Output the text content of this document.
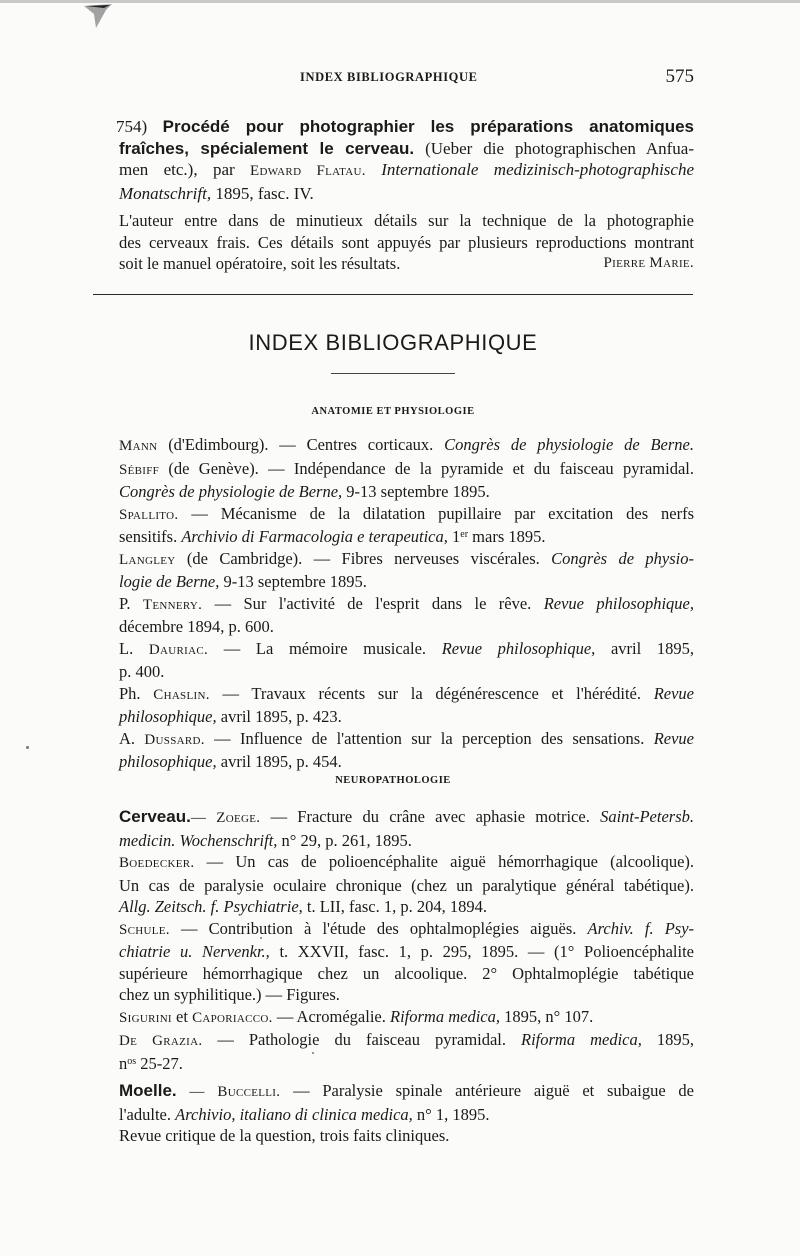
INDEX BIBLIOGRAPHIQUE	575
754) Procédé pour photographier les préparations anatomiques
fraîches, spécialement le cerveau. (Ueber die photographischen Anfua-
men etc.), par Edward Flatau. Internationale medizinisch-photographische
Monatschrift, 1895, fasc. IV.
L'auteur entre dans de minutieux détails sur la technique de la photographie
des cerveaux frais. Ces détails sont appuyés par plusieurs reproductions montrant
soit le manuel opératoire, soit les résultats.	Pierre Marie.
INDEX BIBLIOGRAPHIQUE
ANATOMIE ET PHYSIOLOGIE
Mann (d'Edimbourg). — Centres corticaux. Congrès de physiologie de Berne.
Sébiff (de Genève). — Indépendance de la pyramide et du faisceau pyramidal.
Congrès de physiologie de Berne, 9-13 septembre 1895.
Spallito. — Mécanisme de la dilatation pupillaire par excitation des nerfs
sensitifs. Archivio di Farmacologia e terapeutica, 1er mars 1895.
Langley (de Cambridge). — Fibres nerveuses viscérales. Congrès de physio-
logie de Berne, 9-13 septembre 1895.
P. Tennery. — Sur l'activité de l'esprit dans le rêve. Revue philosophique,
décembre 1894, p. 600.
L. Dauriac. — La mémoire musicale. Revue philosophique, avril 1895,
p. 400.
Ph. Chaslin. — Travaux récents sur la dégénérescence et l'hérédité. Revue
philosophique, avril 1895, p. 423.
A. Dussard. — Influence de l'attention sur la perception des sensations. Revue
philosophique, avril 1895, p. 454.
NEUROPATHOLOGIE
Cerveau.— Zoege. — Fracture du crâne avec aphasie motrice. Saint-Petersb.
medicin. Wochenschrift, n° 29, p. 261, 1895.
Boedecker. — Un cas de polioencéphalite aiguë hémorrhagique (alcoolique).
Un cas de paralysie oculaire chronique (chez un paralytique général tabétique).
Allg. Zeitsch. f. Psychiatrie, t. LII, fasc. 1, p. 204, 1894.
Schule. — Contribution à l'étude des ophtalmoplégies aiguës. Archiv. f. Psy-
chiatrie u. Nervenkr., t. XXVII, fasc. 1, p. 295, 1895. — (1° Polioencéphalite
supérieure hémorrhagique chez un alcoolique. 2° Ophtalmoplégie tabétique
chez un syphilitique.) — Figures.
Sigurini et Caporiacco. — Acromégalie. Riforma medica, 1895, n° 107.
De Grazia. — Pathologie du faisceau pyramidal. Riforma medica, 1895,
$n^{os}$ 25-27.
Moelle. — Buccelli. — Paralysie spinale antérieure aiguë et subaigue de
l'adulte. Archivio, italiano di clinica medica, n° 1, 1895.
Revue critique de la question, trois faits cliniques.
